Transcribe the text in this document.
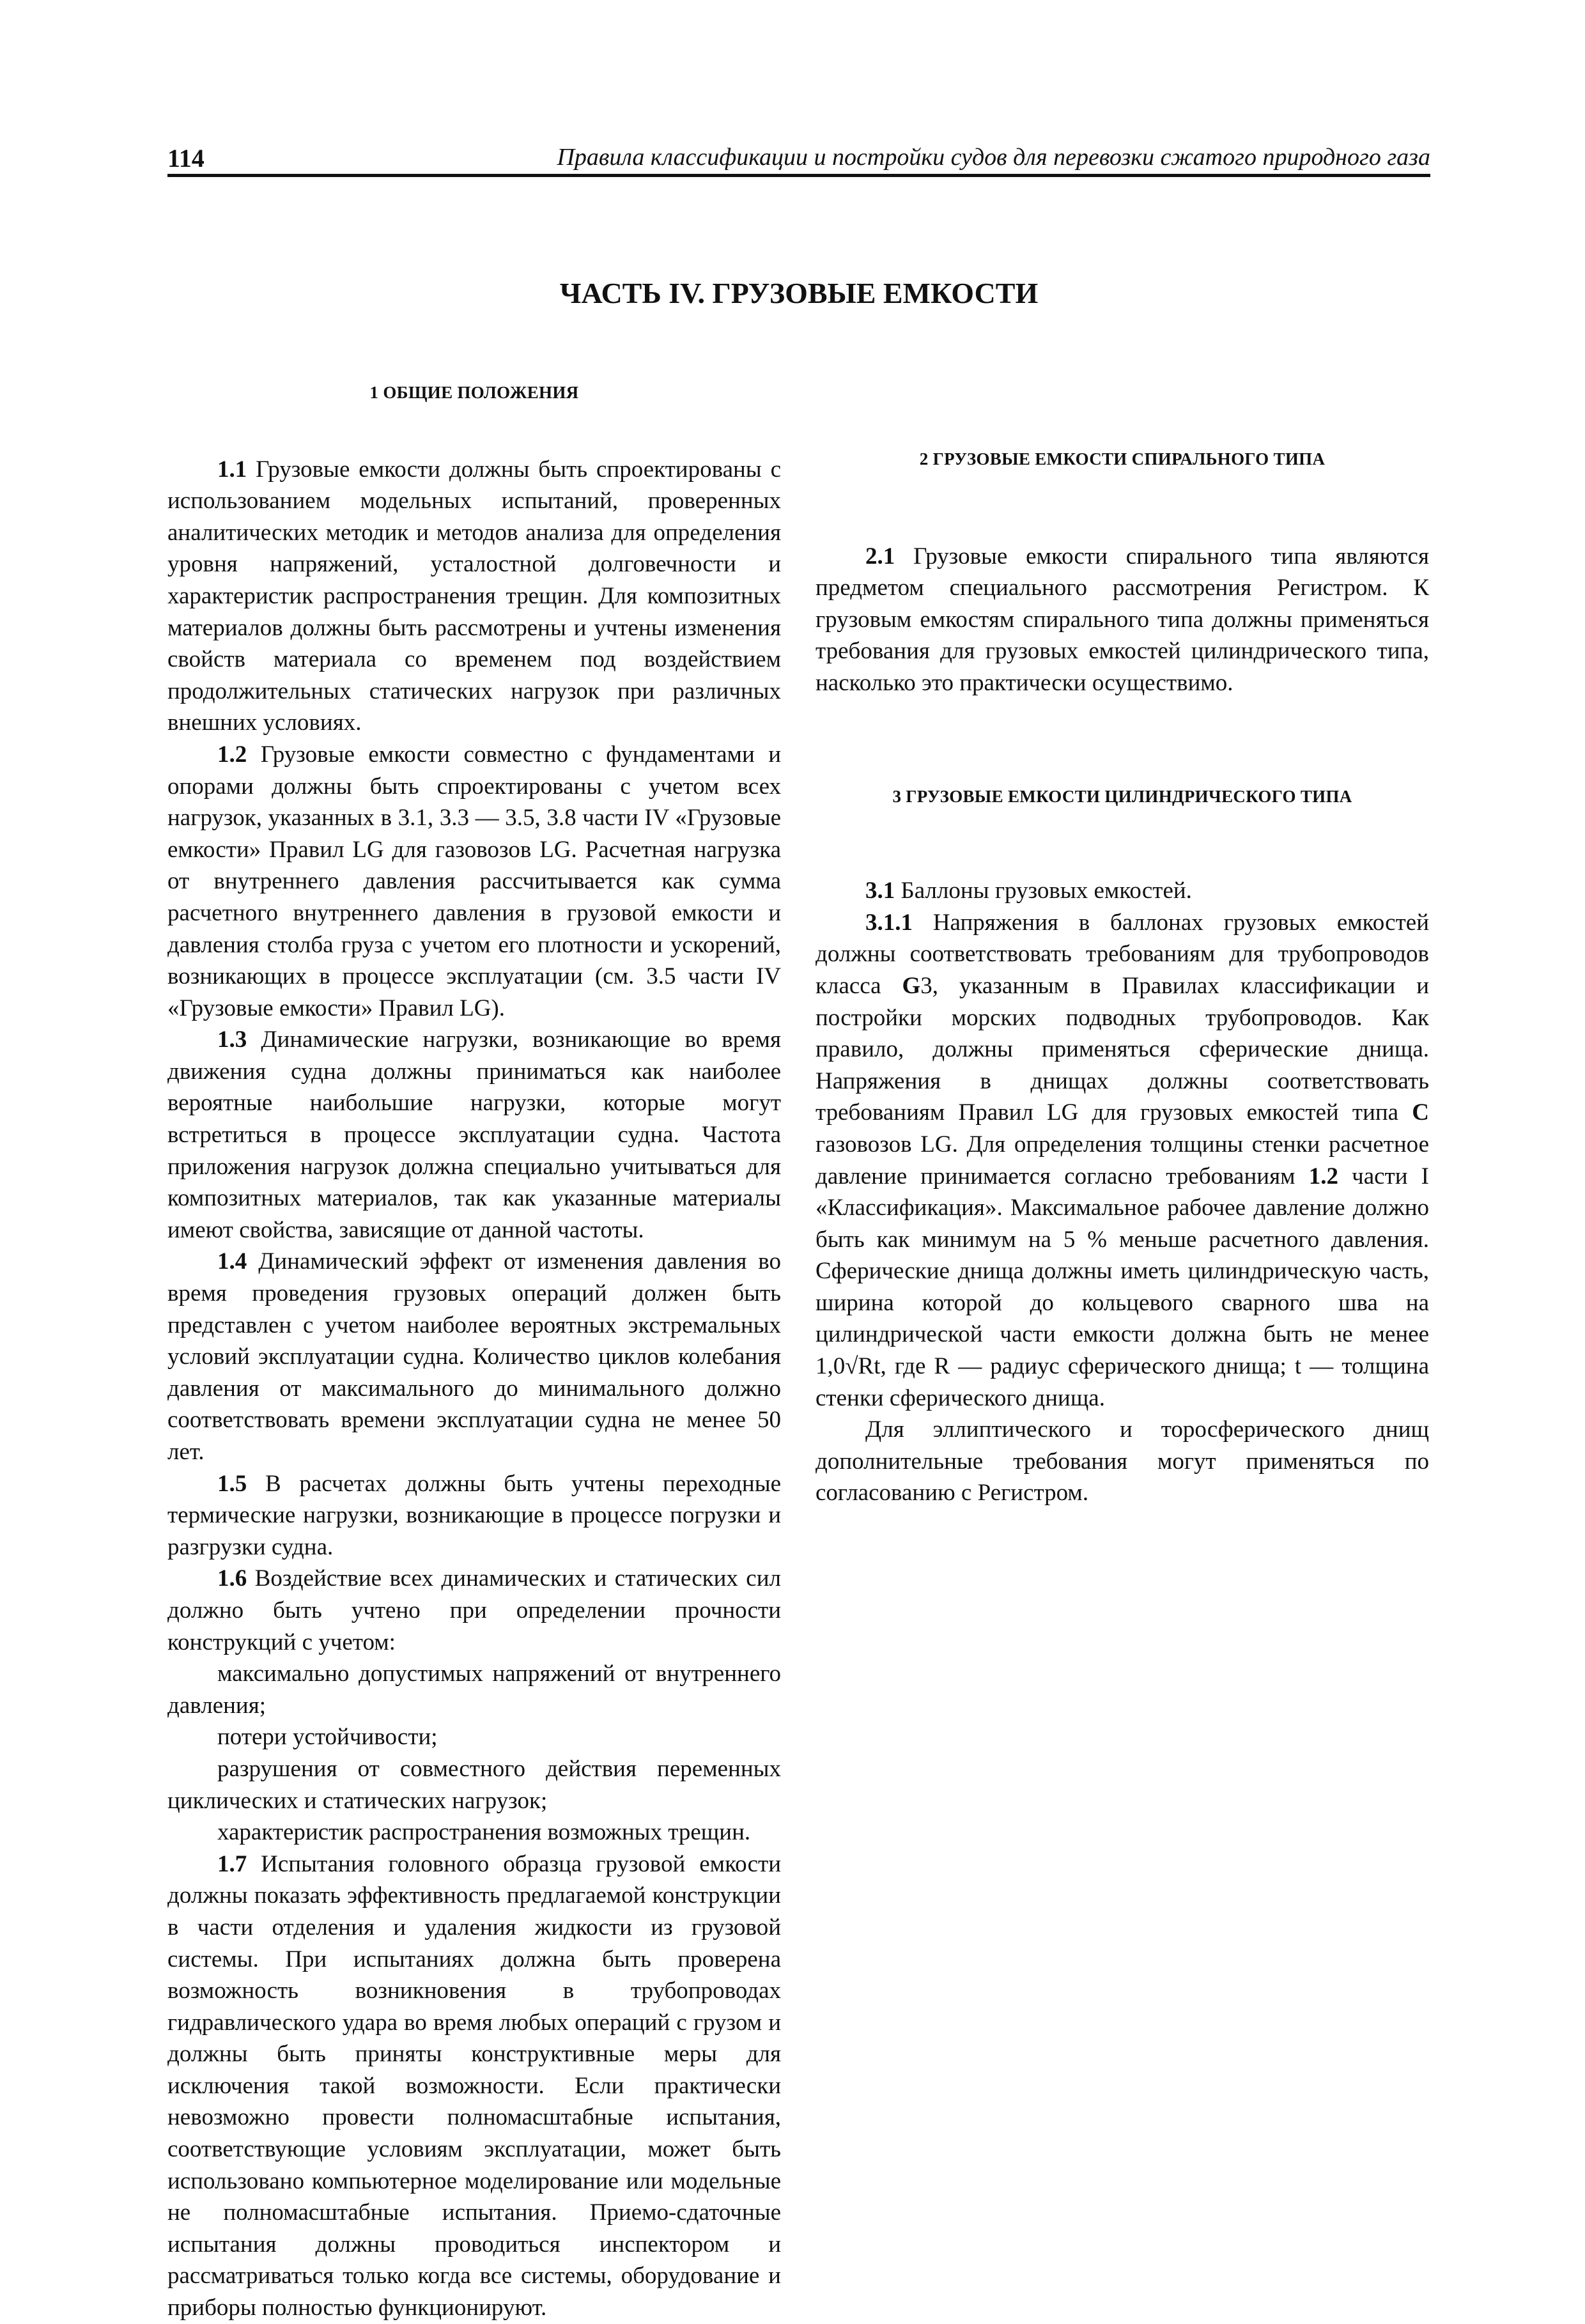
114	Правила классификации и постройки судов для перевозки сжатого природного газа
ЧАСТЬ IV. ГРУЗОВЫЕ ЕМКОСТИ
1 ОБЩИЕ ПОЛОЖЕНИЯ

1.1 Грузовые емкости должны быть спроектированы с использованием модельных испытаний, проверенных аналитических методик и методов анализа для определения уровня напряжений, усталостной долговечности и характеристик распространения трещин. Для композитных материалов должны быть рассмотрены и учтены изменения свойств материала со временем под воздействием продолжительных статических нагрузок при различных внешних условиях.

1.2 Грузовые емкости совместно с фундаментами и опорами должны быть спроектированы с учетом всех нагрузок, указанных в 3.1, 3.3 — 3.5, 3.8 части IV «Грузовые емкости» Правил LG для газовозов LG. Расчетная нагрузка от внутреннего давления рассчитывается как сумма расчетного внутреннего давления в грузовой емкости и давления столба груза с учетом его плотности и ускорений, возникающих в процессе эксплуатации (см. 3.5 части IV «Грузовые емкости» Правил LG).

1.3 Динамические нагрузки, возникающие во время движения судна должны приниматься как наиболее вероятные наибольшие нагрузки, которые могут встретиться в процессе эксплуатации судна. Частота приложения нагрузок должна специально учитываться для композитных материалов, так как указанные материалы имеют свойства, зависящие от данной частоты.

1.4 Динамический эффект от изменения давления во время проведения грузовых операций должен быть представлен с учетом наиболее вероятных экстремальных условий эксплуатации судна. Количество циклов колебания давления от максимального до минимального должно соответствовать времени эксплуатации судна не менее 50 лет.

1.5 В расчетах должны быть учтены переходные термические нагрузки, возникающие в процессе погрузки и разгрузки судна.

1.6 Воздействие всех динамических и статических сил должно быть учтено при определении прочности конструкций с учетом:

максимально допустимых напряжений от внутреннего давления;

потери устойчивости;

разрушения от совместного действия переменных циклических и статических нагрузок;

характеристик распространения возможных трещин.

1.7 Испытания головного образца грузовой емкости должны показать эффективность предлагаемой конструкции в части отделения и удаления жидкости из грузовой системы. При испытаниях должна быть проверена возможность возникновения в трубопроводах гидравлического удара во время любых операций с грузом и должны быть приняты конструктивные меры для исключения такой возможности. Если практически невозможно провести полномасштабные испытания, соответствующие условиям эксплуатации, может быть использовано компьютерное моделирование или модельные не полномасштабные испытания. Приемо-сдаточные испытания должны проводиться инспектором и рассматриваться только когда все системы, оборудование и приборы полностью функционируют.

2 ГРУЗОВЫЕ ЕМКОСТИ СПИРАЛЬНОГО ТИПА

2.1 Грузовые емкости спирального типа являются предметом специального рассмотрения Регистром. К грузовым емкостям спирального типа должны применяться требования для грузовых емкостей цилиндрического типа, насколько это практически осуществимо.

3 ГРУЗОВЫЕ ЕМКОСТИ ЦИЛИНДРИЧЕСКОГО ТИПА

3.1 Баллоны грузовых емкостей.

3.1.1 Напряжения в баллонах грузовых емкостей должны соответствовать требованиям для трубопроводов класса G3, указанным в Правилах классификации и постройки морских подводных трубопроводов. Как правило, должны применяться сферические днища. Напряжения в днищах должны соответствовать требованиям Правил LG для грузовых емкостей типа C газовозов LG. Для определения толщины стенки расчетное давление принимается согласно требованиям 1.2 части I «Классификация». Максимальное рабочее давление должно быть как минимум на 5 % меньше расчетного давления. Сферические днища должны иметь цилиндрическую часть, ширина которой до кольцевого сварного шва на цилиндрической части емкости должна быть не менее 1,0√Rt, где R — радиус сферического днища; t — толщина стенки сферического днища.

Для эллиптического и торосферического днищ дополнительные требования могут применяться по согласованию с Регистром.
